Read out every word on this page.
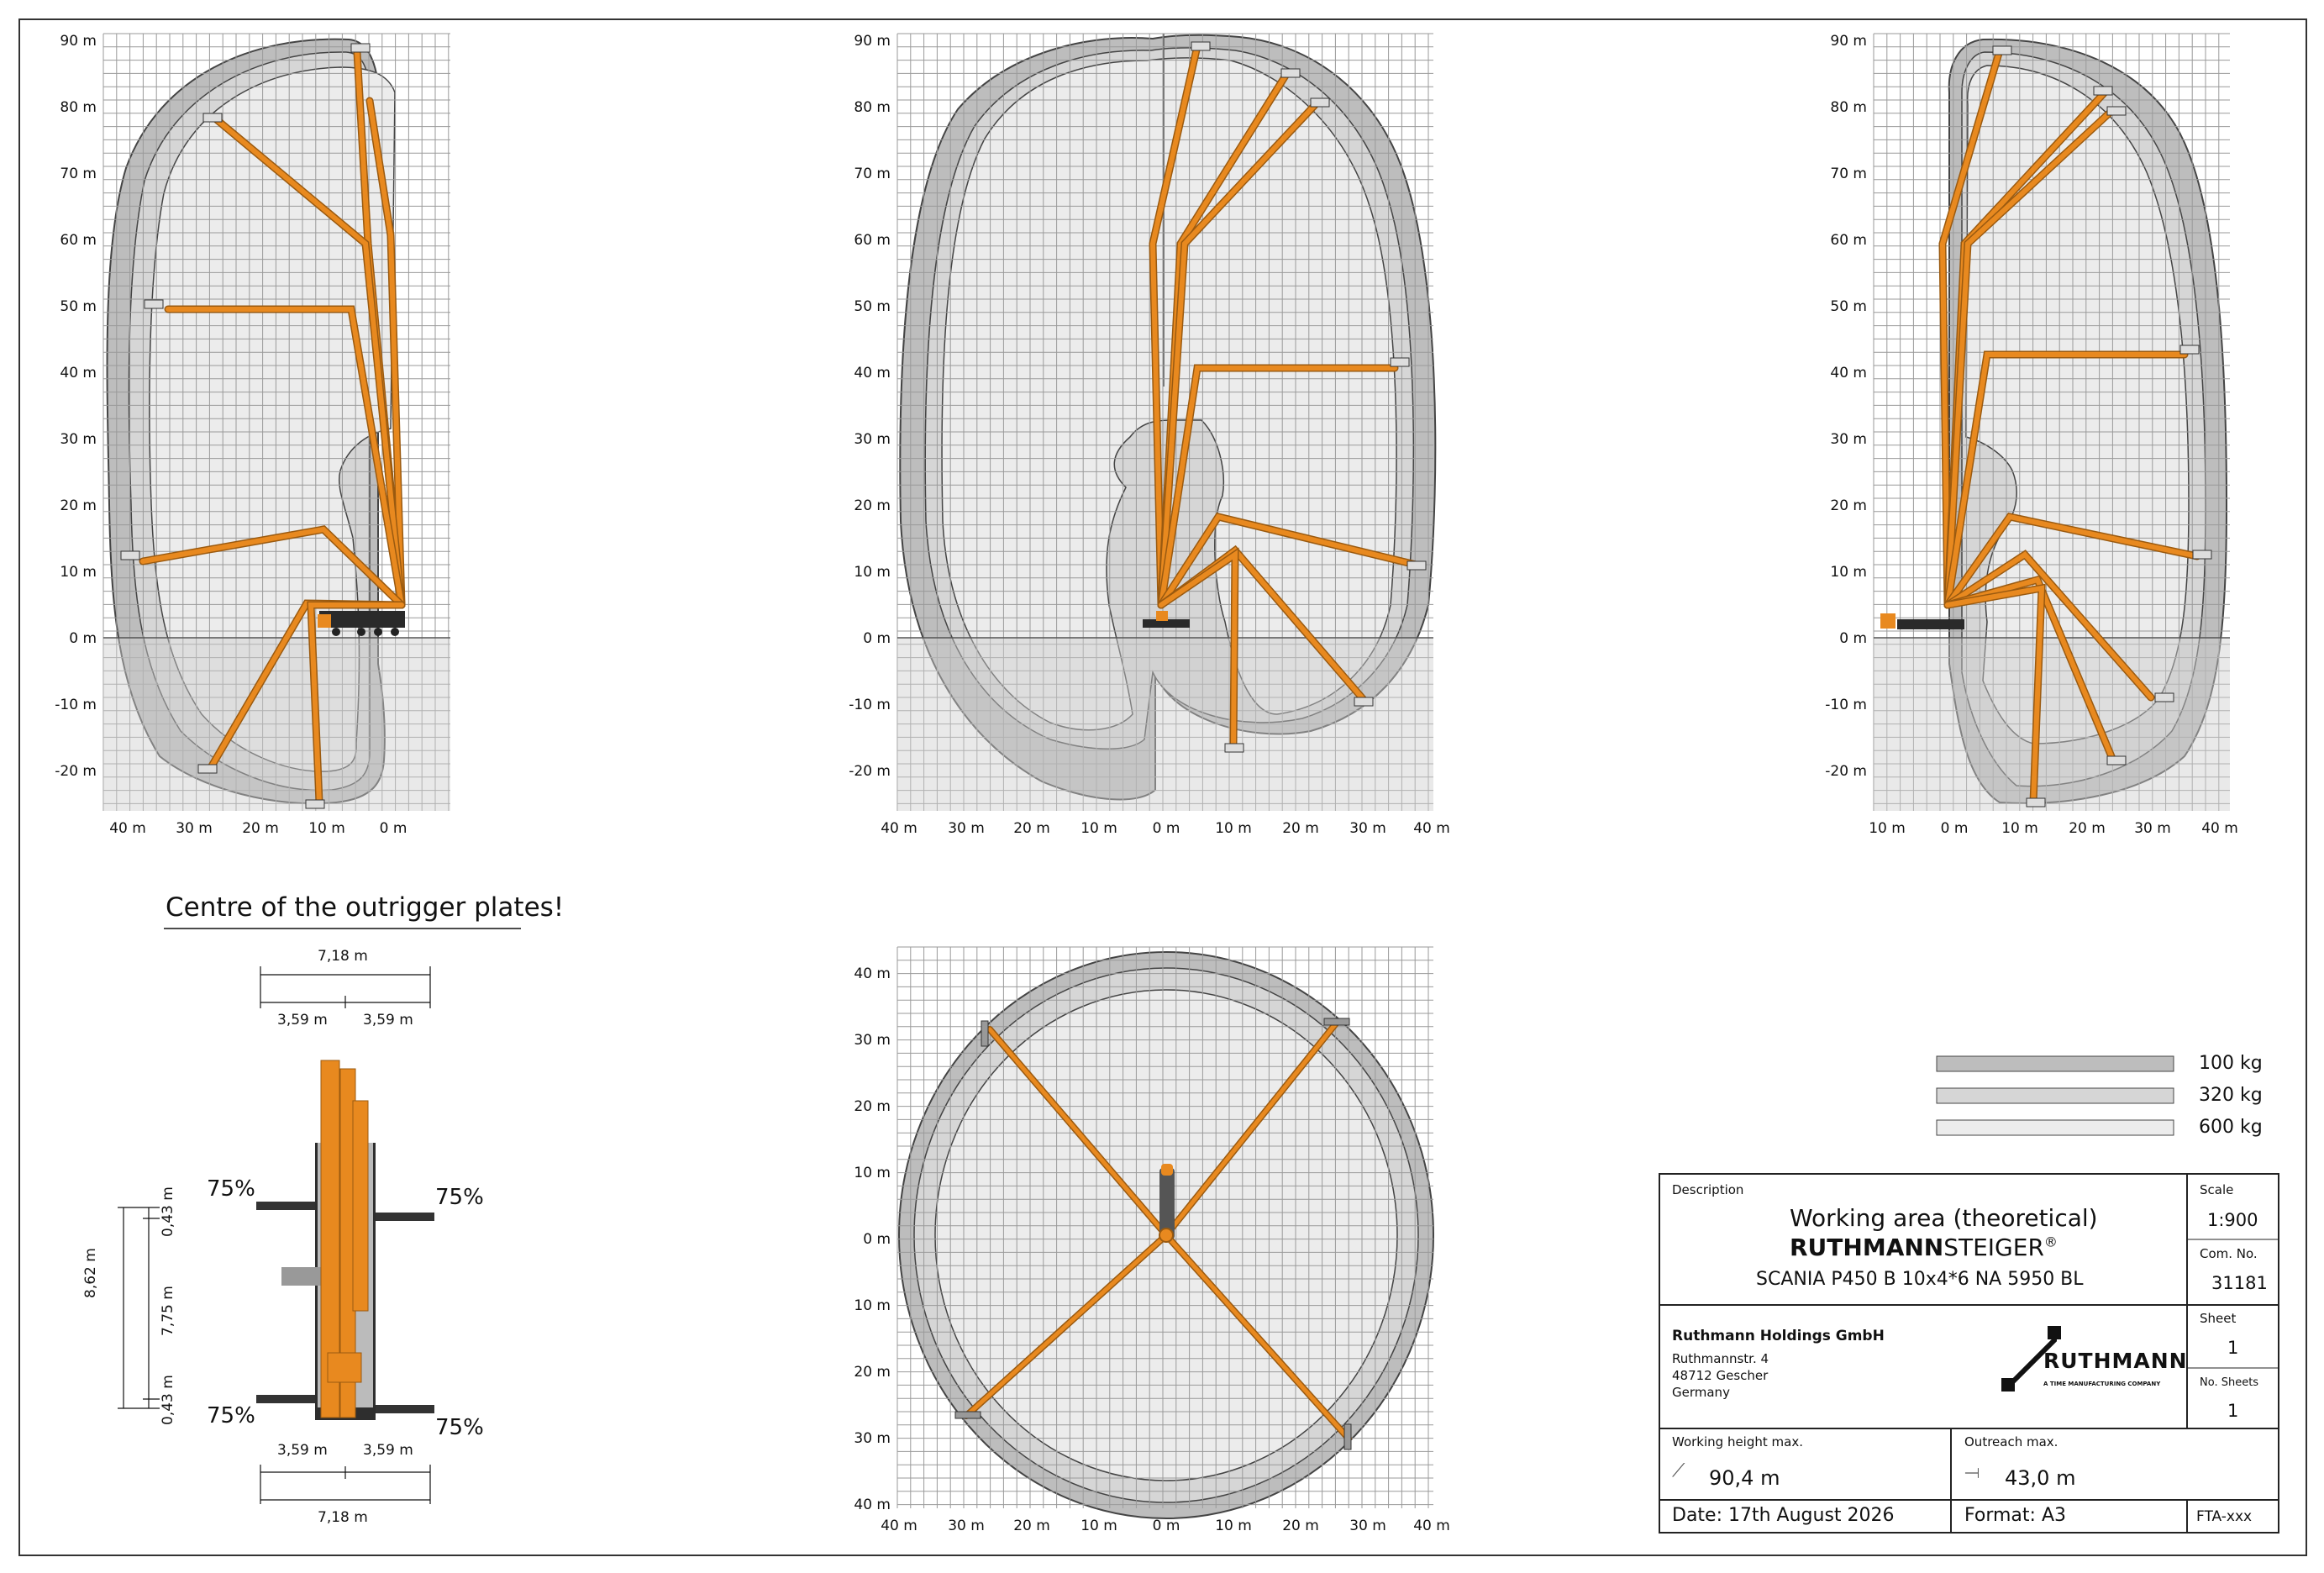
90 m
80 m
70 m
60 m
50 m
40 m
30 m
20 m
10 m
0 m
-10 m
-20 m
40 m 30 m 20 m 10 m 0 m
90 m
80 m
70 m
60 m
50 m
40 m
30 m
20 m
10 m
0 m
-10 m
-20 m
40 m 30 m 20 m 10 m 0 m 10 m 20 m 30 m 40 m
90 m
80 m
70 m
60 m
50 m
40 m
30 m
20 m
10 m
0 m
-10 m
-20 m
10 m 0 m 10 m 20 m 30 m 40 m
40 m
30 m
20 m
10 m
0 m
10 m
20 m
30 m
40 m
40 m 30 m 20 m 10 m 0 m 10 m 20 m 30 m 40 m
Centre of the outrigger plates!
7,18 m
3,59 m 3,59 m
3,59 m 3,59 m
7,18 m
8,62 m
7,75 m
0,43 m
0,43 m
75%	75%
75%	75%
100 kg
320 kg
600 kg
Description
Working area (theoretical)
RUTHMANNSTEIGER®
SCANIA P450 B 10x4*6 NA 5950 BL
Scale
1:900
Com. No.
31181
Sheet
1
No. Sheets
1
Ruthmann Holdings GmbH
Ruthmannstr. 4
48712 Gescher
Germany
RUTHMANN
A TIME MANUFACTURING COMPANY
Working height max.
⟋ 90,4 m
Outreach max.
⟞ 43,0 m
Date: 17th August 2026	Format: A3	FTA-xxx
